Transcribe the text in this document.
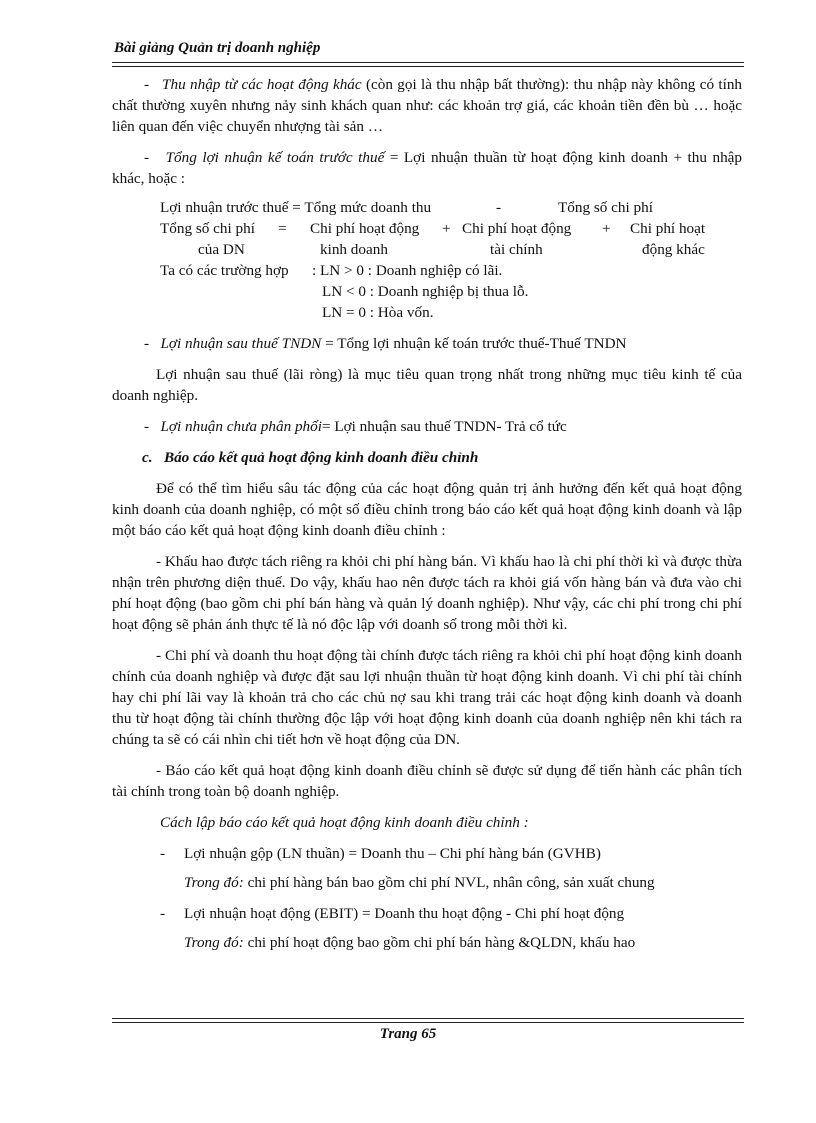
Bài giảng Quản trị doanh nghiệp

- Thu nhập từ các hoạt động khác (còn gọi là thu nhập bất thường): thu nhập này không có tính chất thường xuyên nhưng nảy sinh khách quan như: các khoản trợ giá, các khoản tiền đền bù … hoặc liên quan đến việc chuyển nhượng tài sản …

- Tổng lợi nhuận kế toán trước thuế = Lợi nhuận thuần từ hoạt động kinh doanh + thu nhập khác, hoặc :

Lợi nhuận trước thuế = Tổng mức doanh thu	-	Tổng số chi phí
Tổng số chi phí = Chi phí hoạt động + Chi phí hoạt động + Chi phí hoạt
của DN	kinh doanh	tài chính	động khác
Ta có các trường hợp : LN > 0 : Doanh nghiệp có lãi.
LN < 0 : Doanh nghiệp bị thua lỗ.
LN = 0 : Hòa vốn.

- Lợi nhuận sau thuế TNDN = Tổng lợi nhuận kế toán trước thuế-Thuế TNDN

Lợi nhuận sau thuế (lãi ròng) là mục tiêu quan trọng nhất trong những mục tiêu kinh tế của doanh nghiệp.

- Lợi nhuận chưa phân phối= Lợi nhuận sau thuế TNDN- Trả cổ tức

c. Báo cáo kết quả hoạt động kinh doanh điều chỉnh

Để có thể tìm hiểu sâu tác động của các hoạt động quản trị ảnh hưởng đến kết quả hoạt động kinh doanh của doanh nghiệp, có một số điều chỉnh trong báo cáo kết quả hoạt động kinh doanh và lập một báo cáo kết quả hoạt động kinh doanh điều chỉnh :

- Khấu hao được tách riêng ra khỏi chi phí hàng bán. Vì khấu hao là chi phí thời kì và được thừa nhận trên phương diện thuế. Do vậy, khấu hao nên được tách ra khỏi giá vốn hàng bán và đưa vào chi phí hoạt động (bao gồm chi phí bán hàng và quản lý doanh nghiệp). Như vậy, các chi phí trong chi phí hoạt động sẽ phản ánh thực tế là nó độc lập với doanh số trong mỗi thời kì.

- Chi phí và doanh thu hoạt động tài chính được tách riêng ra khỏi chi phí hoạt động kinh doanh chính của doanh nghiệp và được đặt sau lợi nhuận thuần từ hoạt động kinh doanh. Vì chi phí tài chính hay chi phí lãi vay là khoản trả cho các chủ nợ sau khi trang trải các hoạt động kinh doanh và doanh thu từ hoạt động tài chính thường độc lập với hoạt động kinh doanh của doanh nghiệp nên khi tách ra chúng ta sẽ có cái nhìn chi tiết hơn về hoạt động của DN.

- Báo cáo kết quả hoạt động kinh doanh điều chỉnh sẽ được sử dụng để tiến hành các phân tích tài chính trong toàn bộ doanh nghiệp.

Cách lập báo cáo kết quả hoạt động kinh doanh điều chỉnh :

- Lợi nhuận gộp (LN thuần) = Doanh thu – Chi phí hàng bán (GVHB)
Trong đó: chi phí hàng bán bao gồm chi phí NVL, nhân công, sản xuất chung
- Lợi nhuận hoạt động (EBIT) = Doanh thu hoạt động - Chi phí hoạt động
Trong đó: chi phí hoạt động bao gồm chi phí bán hàng &QLDN, khấu hao
Trang 65
